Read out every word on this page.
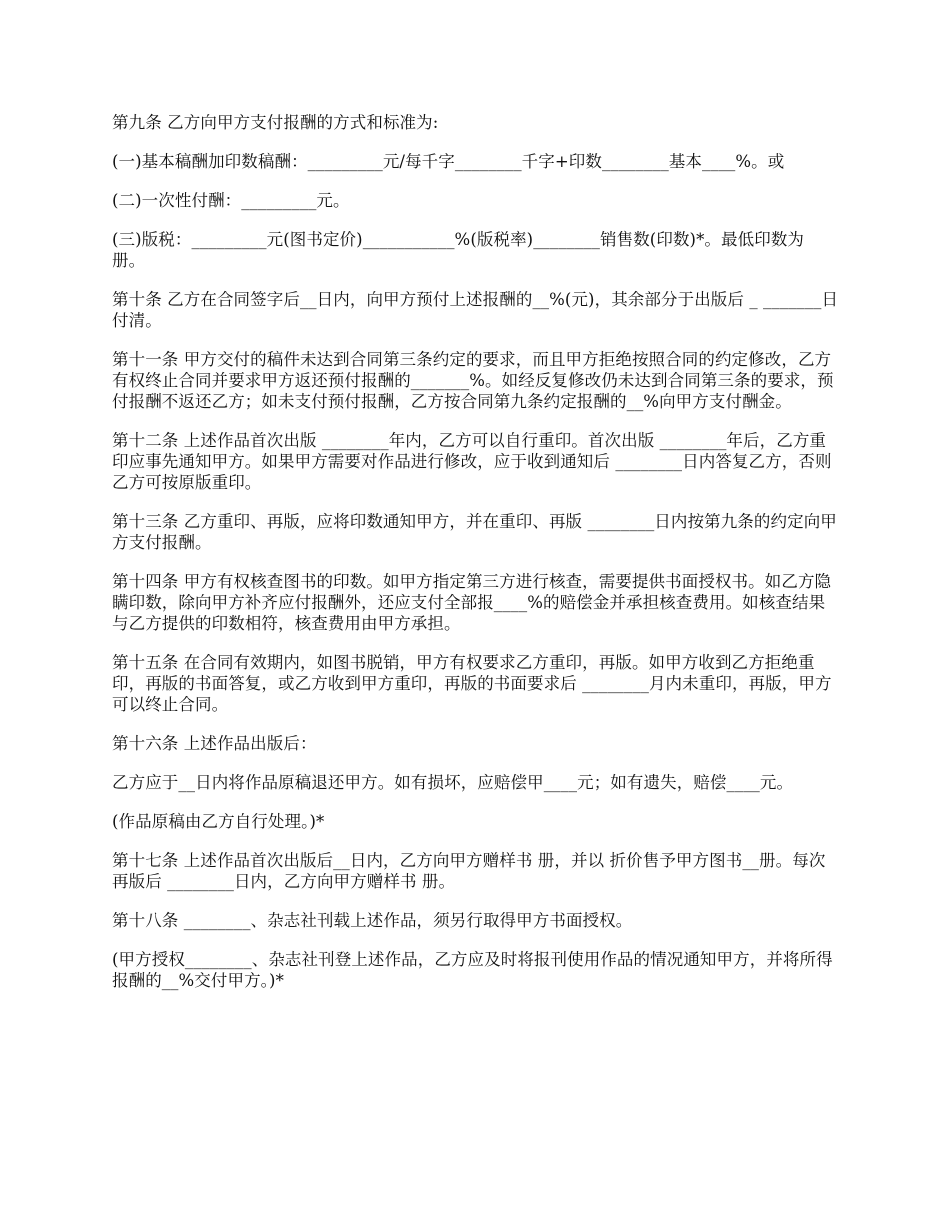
第九条 乙方向甲方支付报酬的方式和标准为:

(一)基本稿酬加印数稿酬：_________元/每千字________千字+印数________基本____%。或

(二)一次性付酬：_________元。

(三)版税：_________元(图书定价)___________%(版税率)________销售数(印数)*。最低印数为 册。

第十条 乙方在合同签字后__日内，向甲方预付上述报酬的__%(元)，其余部分于出版后 _ _______日付清。

第十一条 甲方交付的稿件未达到合同第三条约定的要求，而且甲方拒绝按照合同的约定修改，乙方有权终止合同并要求甲方返还预付报酬的_______%。如经反复修改仍未达到合同第三条的要求，预付报酬不返还乙方；如未支付预付报酬，乙方按合同第九条约定报酬的__%向甲方支付酬金。

第十二条 上述作品首次出版 ________年内，乙方可以自行重印。首次出版 ________年后，乙方重印应事先通知甲方。如果甲方需要对作品进行修改，应于收到通知后 ________日内答复乙方，否则乙方可按原版重印。

第十三条 乙方重印、再版，应将印数通知甲方，并在重印、再版 ________日内按第九条的约定向甲方支付报酬。

第十四条 甲方有权核查图书的印数。如甲方指定第三方进行核查，需要提供书面授权书。如乙方隐瞒印数，除向甲方补齐应付报酬外，还应支付全部报____%的赔偿金并承担核查费用。如核查结果与乙方提供的印数相符，核查费用由甲方承担。

第十五条 在合同有效期内，如图书脱销，甲方有权要求乙方重印，再版。如甲方收到乙方拒绝重印，再版的书面答复，或乙方收到甲方重印，再版的书面要求后 ________月内未重印，再版，甲方可以终止合同。

第十六条 上述作品出版后：

乙方应于__日内将作品原稿退还甲方。如有损坏，应赔偿甲____元；如有遗失，赔偿____元。

(作品原稿由乙方自行处理。)*

第十七条 上述作品首次出版后__日内，乙方向甲方赠样书 册，并以 折价售予甲方图书__册。每次再版后 ________日内，乙方向甲方赠样书 册。

第十八条 ________、杂志社刊载上述作品，须另行取得甲方书面授权。

(甲方授权________、杂志社刊登上述作品，乙方应及时将报刊使用作品的情况通知甲方，并将所得报酬的__%交付甲方。)*
